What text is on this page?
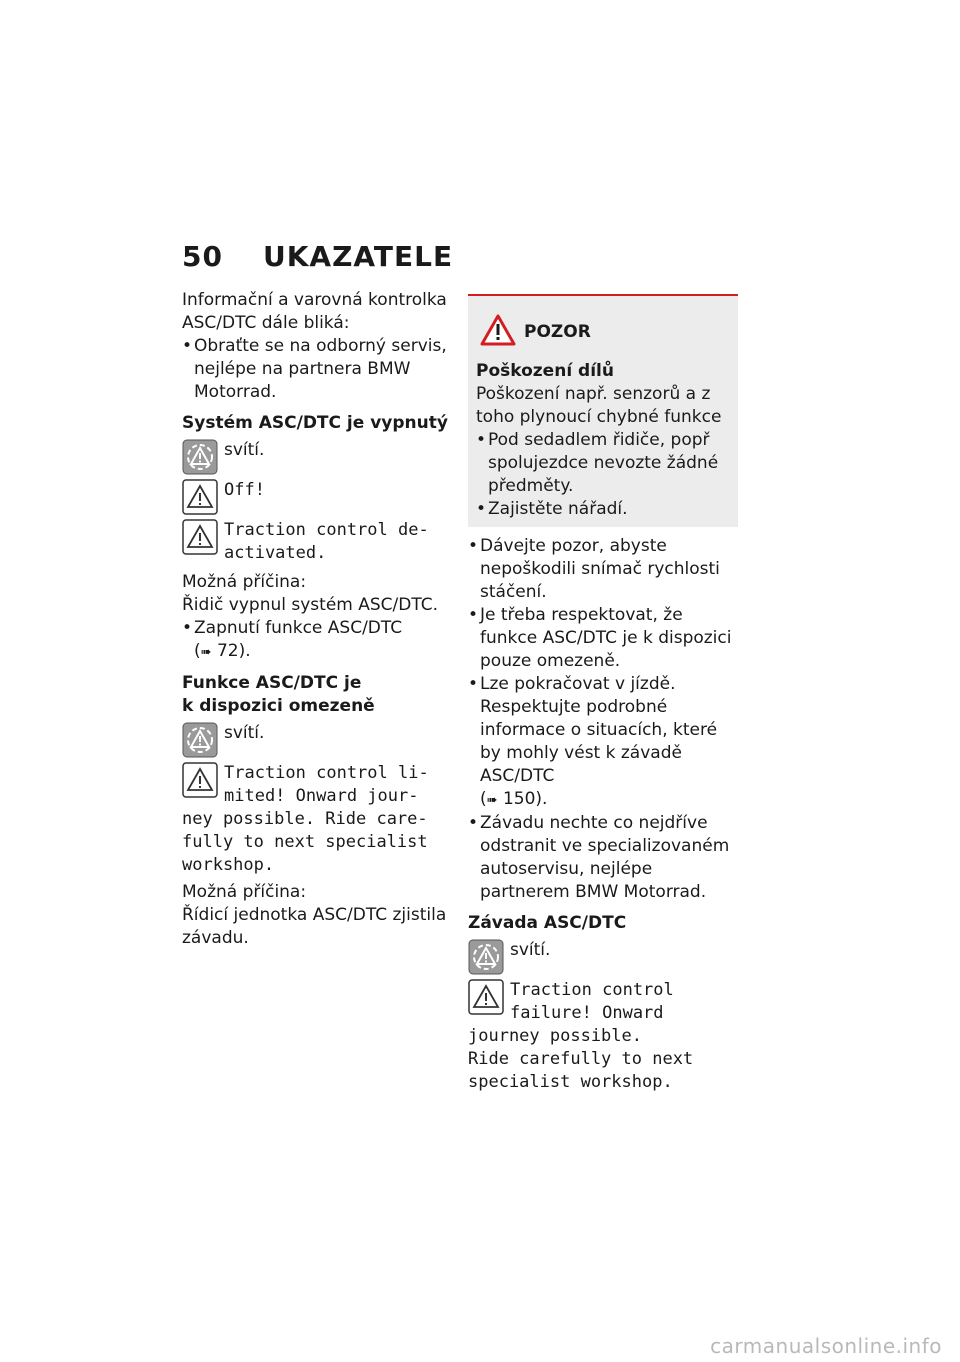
50 UKAZATELE
Informační a varovná kontrolka ASC/DTC dále bliká:
• Obraťte se na odborný servis, nejlépe na partnera BMW Motorrad.
Systém ASC/DTC je vypnutý
svítí.
Off!
Traction control de-activated.
Možná příčina:
Řidič vypnul systém ASC/DTC.
• Zapnutí funkce ASC/DTC
(➠ 72).
Funkce ASC/DTC je
k dispozici omezeně
svítí.
Traction control li-
mited! Onward jour-
ney possible. Ride care-
fully to next specialist
workshop.
Možná příčina:
Řídicí jednotka ASC/DTC zjistila závadu.
POZOR
Poškození dílů
Poškození např. senzorů a z toho plynoucí chybné funkce
• Pod sedadlem řidiče, popř spolujezdce nevozte žádné předměty.
• Zajistěte nářadí.
• Dávejte pozor, abyste nepoškodili snímač rychlosti stáčení.
• Je třeba respektovat, že funkce ASC/DTC je k dispozici pouze omezeně.
• Lze pokračovat v jízdě. Respektujte podrobné informace o situacích, které by mohly vést k závadě ASC/DTC
(➠ 150).
• Závadu nechte co nejdříve odstranit ve specializovaném autoservisu, nejlépe partnerem BMW Motorrad.
Závada ASC/DTC
svítí.
Traction control
failure! Onward
journey possible.
Ride carefully to next
specialist workshop.
carmanualsonline.info
